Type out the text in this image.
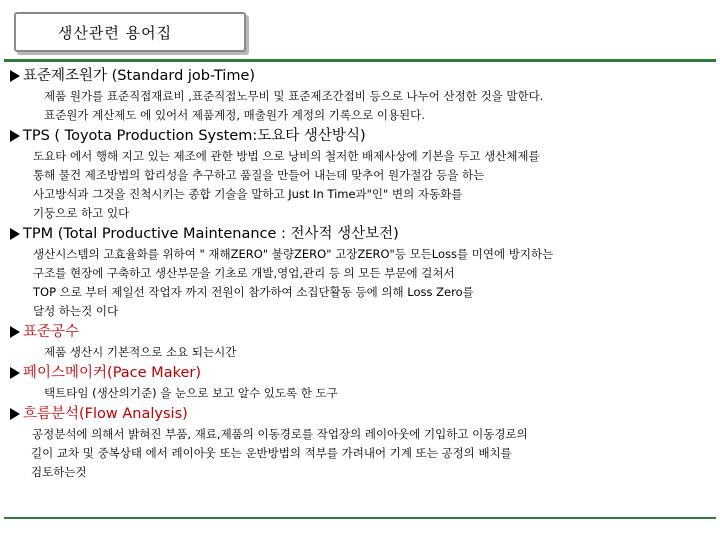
생산관련 용어집
표준제조원가 (Standard job-Time)
제품 원가를 표준직접재료비 ,표준직접노무비 및 표준제조간접비 등으로 나누어 산정한 것을 말한다.
표준원가 계산제도 에 있어서 제품계정, 매출원가 계정의 기록으로 이용된다.
TPS ( Toyota Production System:도요타 생산방식)
도요타 에서 행해 지고 있는 제조에 관한 방법 으로 낭비의 철저한 배제사상에 기본을 두고 생산체제를
통해 물건 제조방법의 합리성을 추구하고 품질을 만들어 내는데 맞추어 원가절감 등을 하는
사고방식과 그것을 진척시키는 종합 기술을 말하고 Just In Time과"인" 변의 자동화를
기둥으로 하고 있다
TPM (Total Productive Maintenance : 전사적 생산보전)
생산시스템의 고효율화를 위하여 " 재해ZERO" 불량ZERO" 고장ZERO"등 모든Loss를 미연에 방지하는
구조를 현장에 구축하고 생산부문을 기초로 개발,영업,관리 등 의 모든 부문에 걸쳐서
TOP 으로 부터 제일선 작업자 까지 전원이 참가하여 소집단활동 등에 의해 Loss Zero를
달성 하는것 이다
표준공수
제품 생산시 기본적으로 소요 되는시간
페이스메이커(Pace Maker)
택트타임 (생산의기준) 을 눈으로 보고 알수 있도록 한 도구
흐름분석(Flow Analysis)
공정분석에 의해서 밝혀진 부품, 재료,제품의 이동경로를 작업장의 레이아웃에 기입하고 이동경로의
길이 교차 및 중복상태 에서 레이아웃 또는 운반방법의 적부를 가려내어 기계 또는 공정의 배치를
검토하는것
